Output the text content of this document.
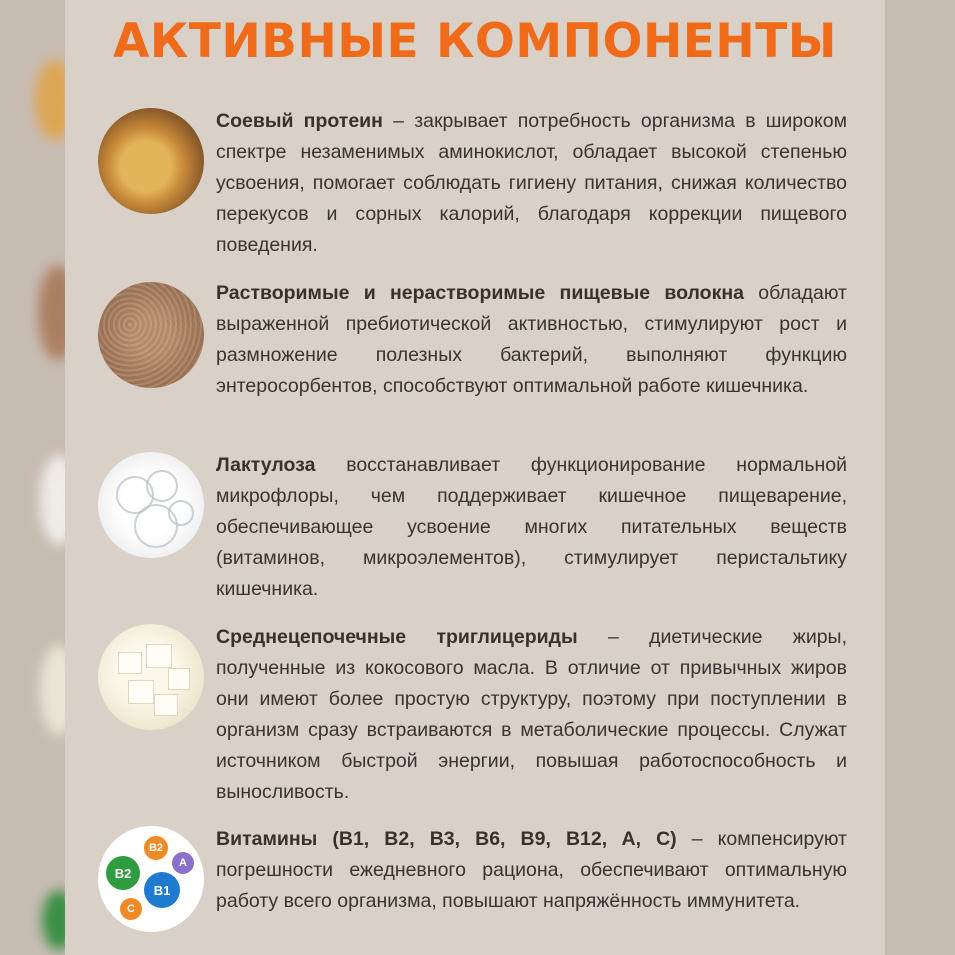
АКТИВНЫЕ КОМПОНЕНТЫ
Соевый протеин – закрывает потребность организма в широком спектре незаменимых аминокислот, обладает высокой степенью усвоения, помогает соблюдать гигиену питания, снижая количество перекусов и сорных калорий, благодаря коррекции пищевого поведения.
Растворимые и нерастворимые пищевые волокна обладают выраженной пребиотической активностью, стимулируют рост и размножение полезных бактерий, выполняют функцию энтеросорбентов, способствуют оптимальной работе кишечника.
Лактулоза восстанавливает функционирование нормальной микрофлоры, чем поддерживает кишечное пищеварение, обеспечивающее усвоение многих питательных веществ (витаминов, микроэлементов), стимулирует перистальтику кишечника.
Среднецепочечные триглицериды – диетические жиры, полученные из кокосового масла. В отличие от привычных жиров они имеют более простую структуру, поэтому при поступлении в организм сразу встраиваются в метаболические процессы. Служат источником быстрой энергии, повышая работоспособность и выносливость.
B2
B2
A
B1
C
Витамины (B1, B2, B3, B6, B9, B12, A, C) – компенсируют погрешности ежедневного рациона, обеспечивают оптимальную работу всего организма, повышают напряжённость иммунитета.
